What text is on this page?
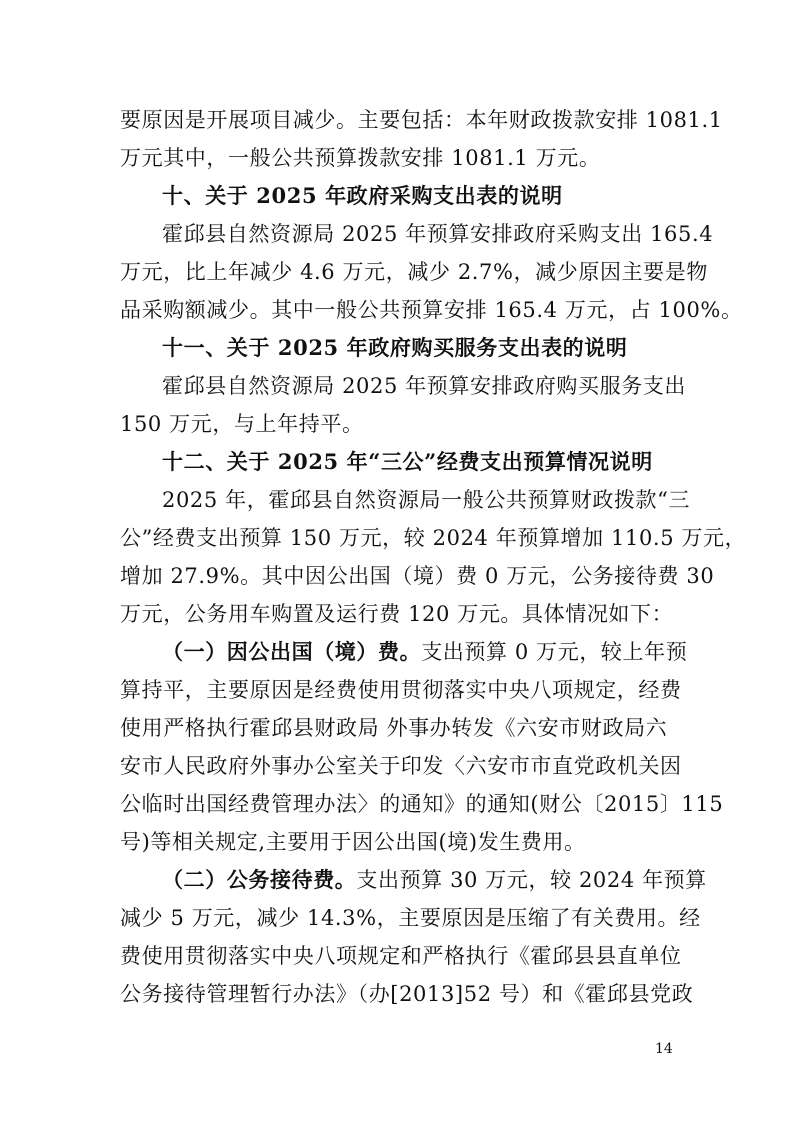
要原因是开展项目减少。主要包括：本年财政拨款安排 1081.1
万元其中，一般公共预算拨款安排 1081.1 万元。
十、关于 2025 年政府采购支出表的说明
霍邱县自然资源局 2025 年预算安排政府采购支出 165.4
万元，比上年减少 4.6 万元，减少 2.7%，减少原因主要是物
品采购额减少。其中一般公共预算安排 165.4 万元，占 100%。
十一、关于 2025 年政府购买服务支出表的说明
霍邱县自然资源局 2025 年预算安排政府购买服务支出
150 万元，与上年持平。
十二、关于 2025 年“三公”经费支出预算情况说明
2025 年，霍邱县自然资源局一般公共预算财政拨款“三
公”经费支出预算 150 万元，较 2024 年预算增加 110.5 万元，
增加 27.9%。其中因公出国（境）费 0 万元，公务接待费 30
万元，公务用车购置及运行费 120 万元。具体情况如下：
（一）因公出国（境）费。支出预算 0 万元，较上年预
算持平，主要原因是经费使用贯彻落实中央八项规定，经费
使用严格执行霍邱县财政局 外事办转发《六安市财政局六
安市人民政府外事办公室关于印发〈六安市市直党政机关因
公临时出国经费管理办法〉的通知》的通知(财公〔2015〕115
号)等相关规定,主要用于因公出国(境)发生费用。
（二）公务接待费。支出预算 30 万元，较 2024 年预算
减少 5 万元，减少 14.3%，主要原因是压缩了有关费用。经
费使用贯彻落实中央八项规定和严格执行《霍邱县县直单位
公务接待管理暂行办法》（办[2013]52 号）和《霍邱县党政
14
